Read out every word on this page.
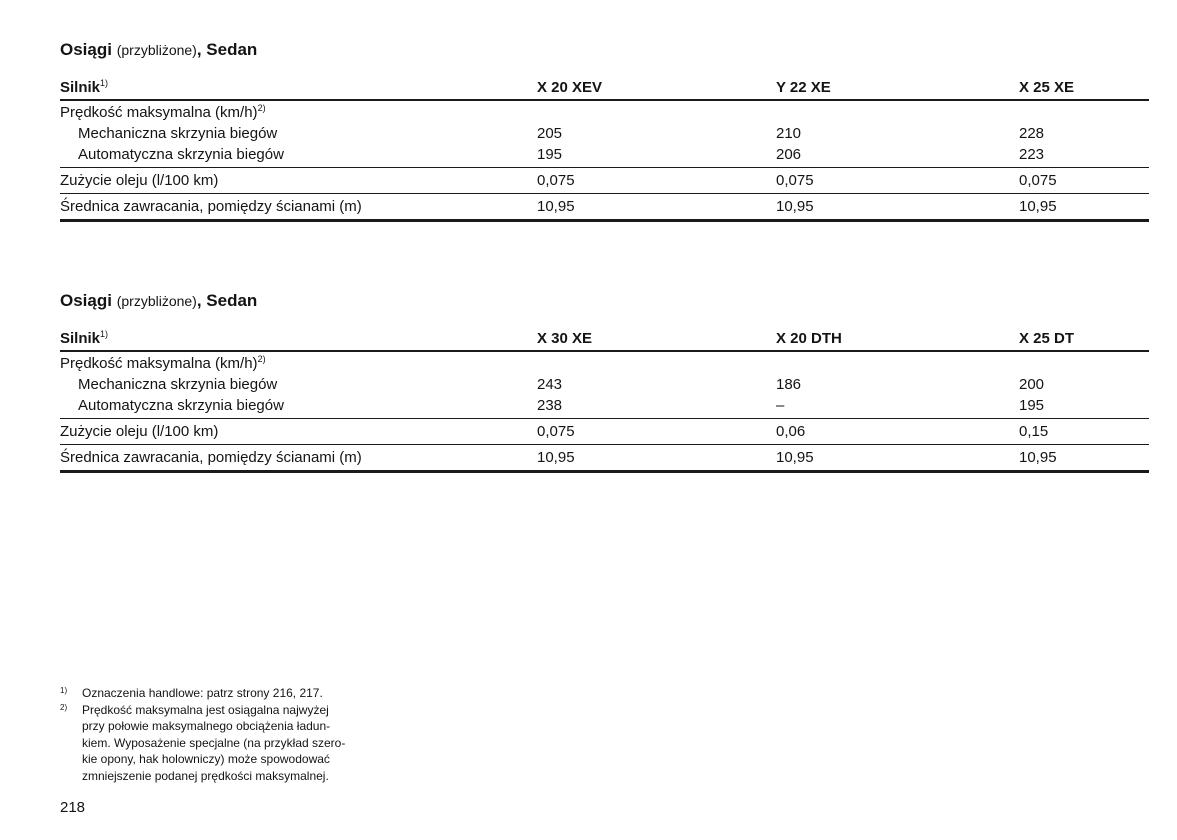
Osiągi (przybliżone), Sedan
Silnik$^{1)}$	X 20 XEV	Y 22 XE	X 25 XE
Prędkość maksymalna $(km/h)^{2)}$			
Mechaniczna skrzynia biegów	205	210	228
Automatyczna skrzynia biegów	195	206	223
Zużycie oleju (l/100 km)	0,075	0,075	0,075
Średnica zawracania, pomiędzy ścianami (m)	10,95	10,95	10,95
Osiągi (przybliżone), Sedan
Silnik$^{1)}$	X 30 XE	X 20 DTH	X 25 DT
Prędkość maksymalna $(km/h)^{2)}$			
Mechaniczna skrzynia biegów	243	186	200
Automatyczna skrzynia biegów	238	–	195
Zużycie oleju (l/100 km)	0,075	0,06	0,15
Średnica zawracania, pomiędzy ścianami (m)	10,95	10,95	10,95
1) Oznaczenia handlowe: patrz strony 216, 217.
2) Prędkość maksymalna jest osiągalna najwyżej
przy połowie maksymalnego obciążenia ładun-
kiem. Wyposażenie specjalne (na przykład szero-
kie opony, hak holowniczy) może spowodować
zmniejszenie podanej prędkości maksymalnej.
218
